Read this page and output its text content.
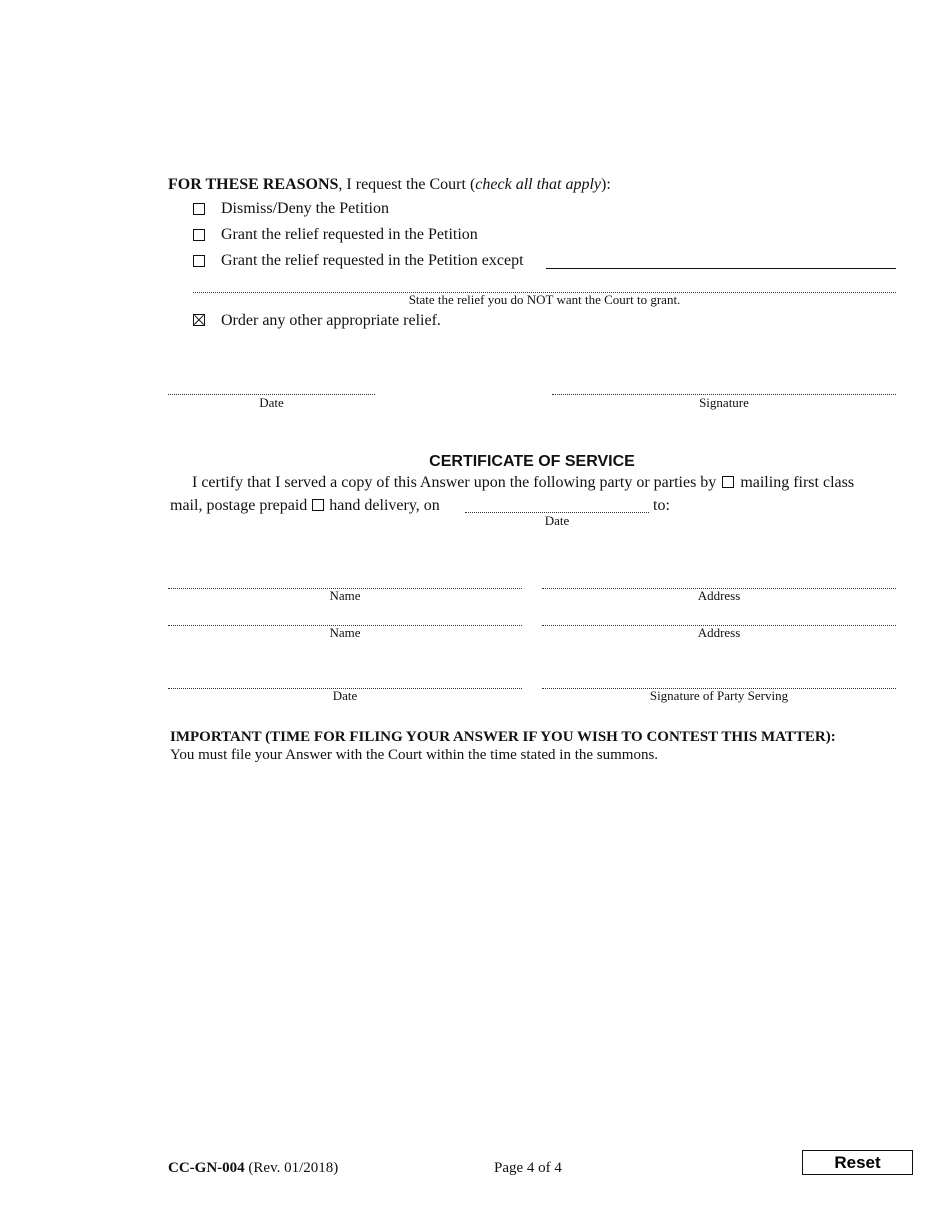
FOR THESE REASONS, I request the Court (check all that apply):
Dismiss/Deny the Petition
Grant the relief requested in the Petition
Grant the relief requested in the Petition except
State the relief you do NOT want the Court to grant.
Order any other appropriate relief.
Date	Signature
CERTIFICATE OF SERVICE
I certify that I served a copy of this Answer upon the following party or parties by mailing first class
mail, postage prepaid hand delivery, on
Date
to:
Name	Address
Name	Address
Date	Signature of Party Serving
IMPORTANT (TIME FOR FILING YOUR ANSWER IF YOU WISH TO CONTEST THIS MATTER):
You must file your Answer with the Court within the time stated in the summons.
CC-GN-004 (Rev. 01/2018)	Page 4 of 4	Reset
